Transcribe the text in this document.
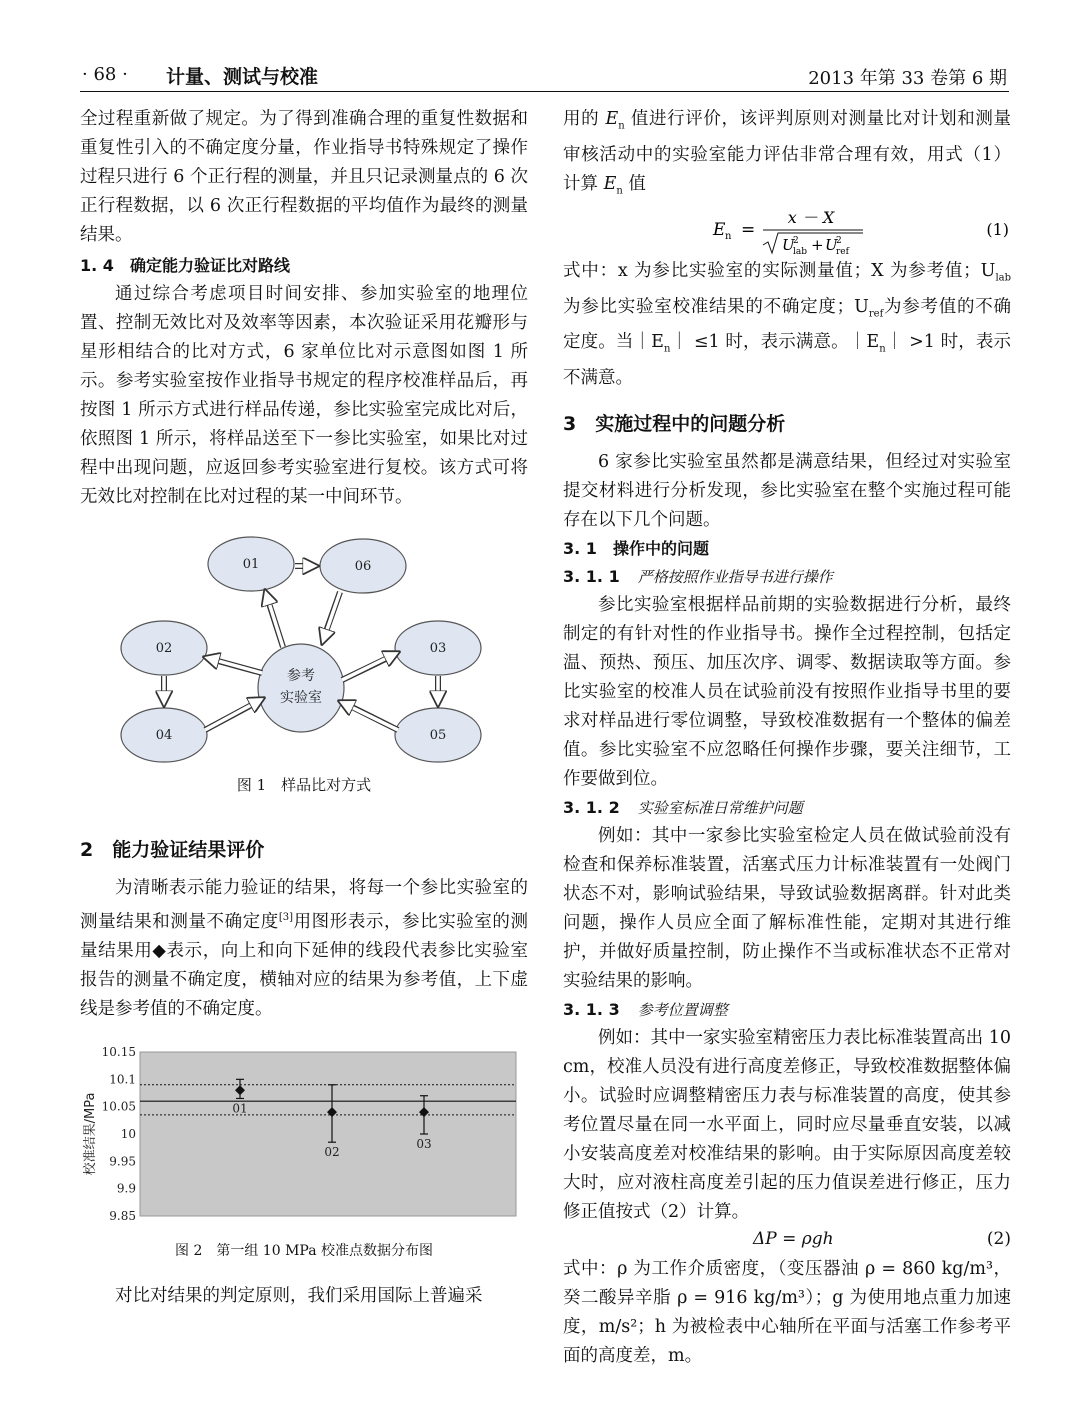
· 68 · 计量、测试与校准	2013 年第 33 卷第 6 期

全过程重新做了规定。为了得到准确合理的重复性数据和重复性引入的不确定度分量，作业指导书特殊规定了操作过程只进行 6 个正行程的测量，并且只记录测量点的 6 次正行程数据，以 6 次正行程数据的平均值作为最终的测量结果。

1. 4　 确定能力验证比对路线

通过综合考虑项目时间安排、参加实验室的地理位置、控制无效比对及效率等因素，本次验证采用花瓣形与星形相结合的比对方式，6 家单位比对示意图如图 1 所示。参考实验室按作业指导书规定的程序校准样品后，再按图 1 所示方式进行样品传递，参比实验室完成比对后，依照图 1 所示，将样品送至下一参比实验室，如果比对过程中出现问题，应返回参考实验室进行复校。该方式可将无效比对控制在比对过程的某一中间环节。

01	06
02	03
04	05
参考
实验室

图 1　样品比对方式

2　 能力验证结果评价

为清晰表示能力验证的结果，将每一个参比实验室的测量结果和测量不确定度[3]用图形表示，参比实验室的测量结果用◆表示，向上和向下延伸的线段代表参比实验室报告的测量不确定度，横轴对应的结果为参考值，上下虚线是参考值的不确定度。

10.15
10.1
10.05
10
9.95
9.9
9.85
校准结果/MPa	01
02
03

图 2　第一组 10 MPa 校准点数据分布图

对比对结果的判定原则，我们采用国际上普遍采

用的 $E_n$ 值进行评价，该评判原则对测量比对计划和测量审核活动中的实验室能力评估非常合理有效，用式（1）计算 $E_n$ 值

E n =
x － X
U
lab
2 + U
ref
2
(1)

式中：x 为参比实验室的实际测量值；X 为参考值；$U_{lab}$为参比实验室校准结果的不确定度；$U_{ref}$为参考值的不确定度。当$|E_n| \le 1$ 时，表示满意。$|E_n| >1$ 时，表示不满意。

3　 实施过程中的问题分析

6 家参比实验室虽然都是满意结果，但经过对实验室提交材料进行分析发现，参比实验室在整个实施过程可能存在以下几个问题。

3. 1　 操作中的问题

3. 1. 1 严格按照作业指导书进行操作

参比实验室根据样品前期的实验数据进行分析，最终制定的有针对性的作业指导书。操作全过程控制，包括定温、预热、预压、加压次序、调零、数据读取等方面。参比实验室的校准人员在试验前没有按照作业指导书里的要求对样品进行零位调整，导致校准数据有一个整体的偏差值。参比实验室不应忽略任何操作步骤，要关注细节，工作要做到位。

3. 1. 2 实验室标准日常维护问题

例如：其中一家参比实验室检定人员在做试验前没有检查和保养标准装置，活塞式压力计标准装置有一处阀门状态不对，影响试验结果，导致试验数据离群。针对此类问题，操作人员应全面了解标准性能，定期对其进行维护，并做好质量控制，防止操作不当或标准状态不正常对实验结果的影响。

3. 1. 3 参考位置调整

例如：其中一家实验室精密压力表比标准装置高出 10 cm，校准人员没有进行高度差修正，导致校准数据整体偏小。试验时应调整精密压力表与标准装置的高度，使其参考位置尽量在同一水平面上，同时应尽量垂直安装，以减小安装高度差对校准结果的影响。由于实际原因高度差较大时，应对液柱高度差引起的压力值误差进行修正，压力修正值按式（2）计算。

ΔP = ρgh	(2)

式中：ρ 为工作介质密度，（变压器油 ρ = 860 kg/m³，癸二酸异辛脂 ρ = 916 kg/m³）；g 为使用地点重力加速度，m/s²；h 为被检表中心轴所在平面与活塞工作参考平面的高度差，m。
